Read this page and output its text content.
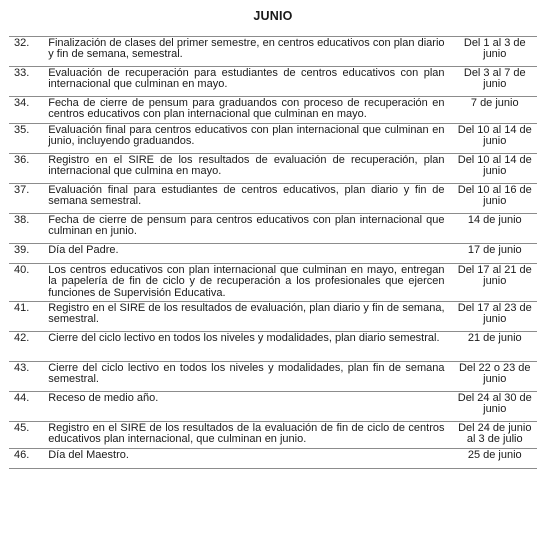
JUNIO
32.	Finalización de clases del primer semestre, en centros educativos con plan diario y fin de semana, semestral.	Del 1 al 3 de junio
33.	Evaluación de recuperación para estudiantes de centros educativos con plan internacional que culminan en mayo.	Del 3 al 7 de junio
34.	Fecha de cierre de pensum para graduandos con proceso de recuperación en centros educativos con plan internacional que culminan en mayo.	7 de junio
35.	Evaluación final para centros educativos con plan internacional que culminan en junio, incluyendo graduandos.	Del 10 al 14 de junio
36.	Registro en el SIRE de los resultados de evaluación de recuperación, plan internacional que culmina en mayo.	Del 10 al 14 de junio
37.	Evaluación final para estudiantes de centros educativos, plan diario y fin de semana semestral.	Del 10 al 16 de junio
38.	Fecha de cierre de pensum para centros educativos con plan internacional que culminan en junio.	14 de junio
39.	Día del Padre.	17 de junio
40.	Los centros educativos con plan internacional que culminan en mayo, entregan la papelería de fin de ciclo y de recuperación a los profesionales que ejercen funciones de Supervisión Educativa.	Del 17 al 21 de junio
41.	Registro en el SIRE de los resultados de evaluación, plan diario y fin de semana, semestral.	Del 17 al 23 de junio
42.	Cierre del ciclo lectivo en todos los niveles y modalidades, plan diario semestral.	21 de junio
43.	Cierre del ciclo lectivo en todos los niveles y modalidades, plan fin de semana semestral.	Del 22 o 23 de junio
44.	Receso de medio año.	Del 24 al 30 de junio
45.	Registro en el SIRE de los resultados de la evaluación de fin de ciclo de centros educativos plan internacional, que culminan en junio.	Del 24 de junio al 3 de julio
46.	Día del Maestro.	25 de junio
